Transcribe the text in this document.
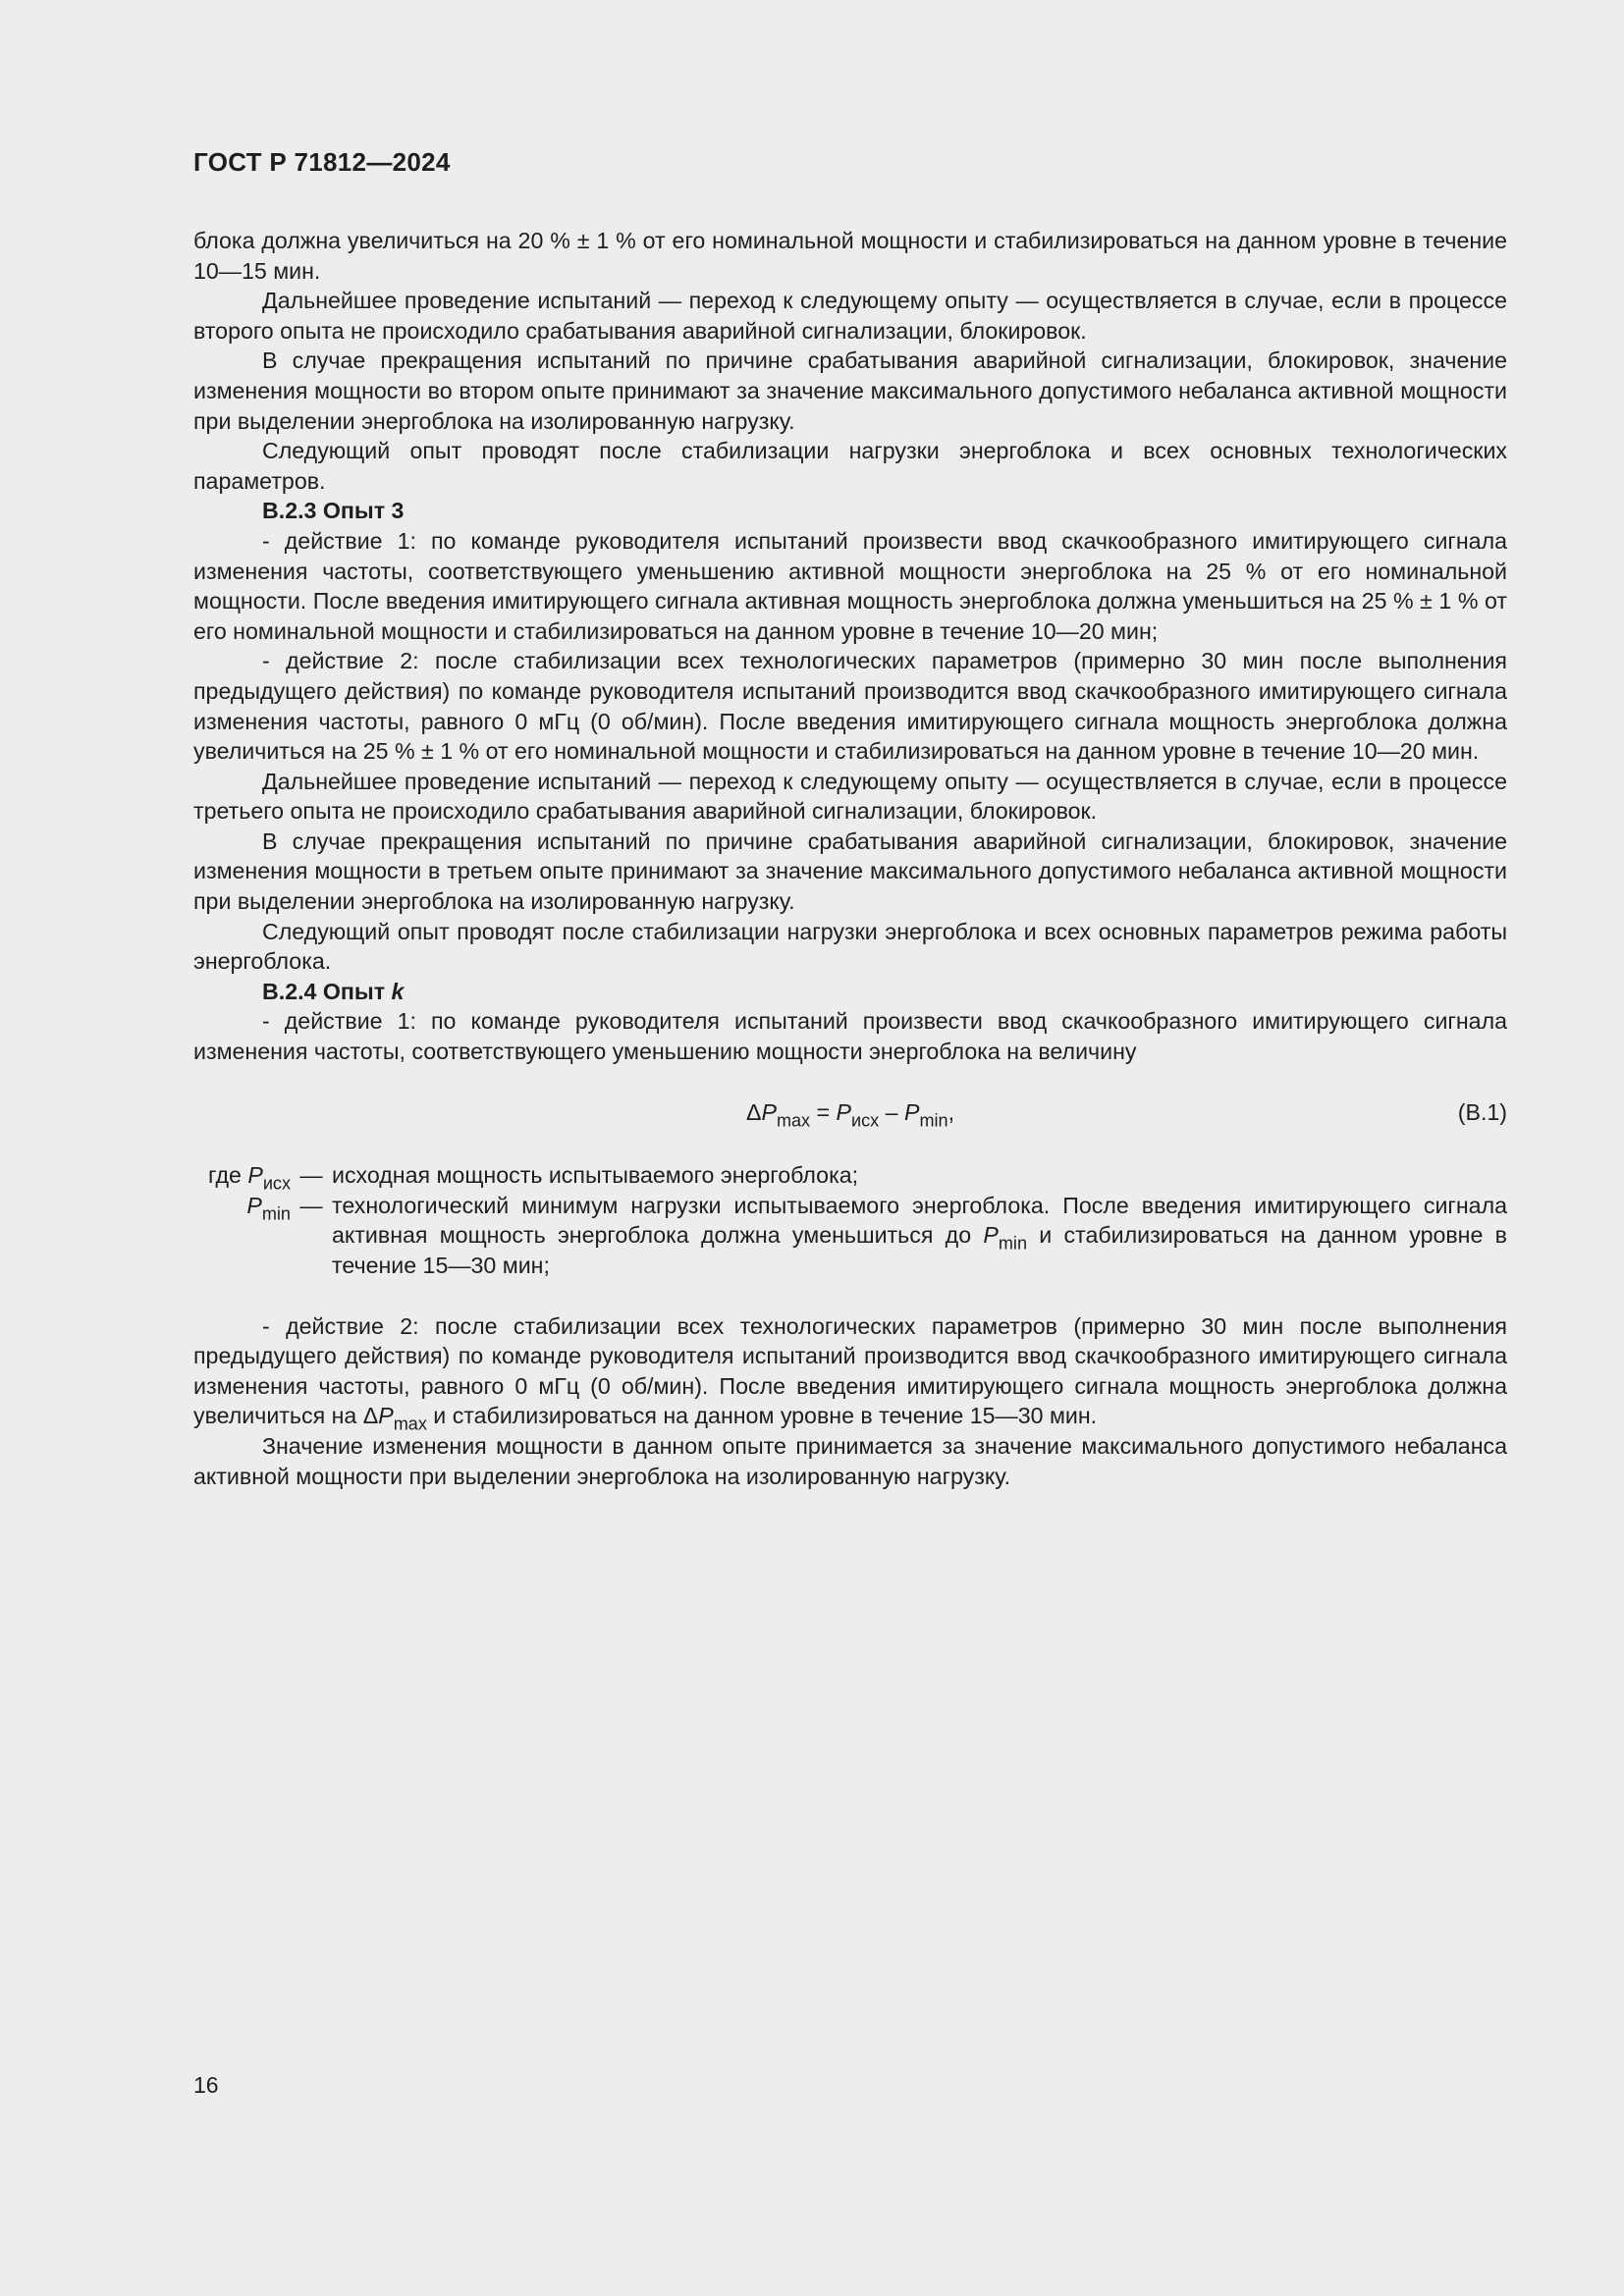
ГОСТ Р 71812—2024

блока должна увеличиться на 20 % ± 1 % от его номинальной мощности и стабилизироваться на данном уровне в течение 10—15 мин.

Дальнейшее проведение испытаний — переход к следующему опыту — осуществляется в случае, если в процессе второго опыта не происходило срабатывания аварийной сигнализации, блокировок.

В случае прекращения испытаний по причине срабатывания аварийной сигнализации, блокировок, значение изменения мощности во втором опыте принимают за значение максимального допустимого небаланса активной мощности при выделении энергоблока на изолированную нагрузку.

Следующий опыт проводят после стабилизации нагрузки энергоблока и всех основных технологических параметров.

В.2.3 Опыт 3

- действие 1: по команде руководителя испытаний произвести ввод скачкообразного имитирующего сигнала изменения частоты, соответствующего уменьшению активной мощности энергоблока на 25 % от его номинальной мощности. После введения имитирующего сигнала активная мощность энергоблока должна уменьшиться на 25 % ± 1 % от его номинальной мощности и стабилизироваться на данном уровне в течение 10—20 мин;

- действие 2: после стабилизации всех технологических параметров (примерно 30 мин после выполнения предыдущего действия) по команде руководителя испытаний производится ввод скачкообразного имитирующего сигнала изменения частоты, равного 0 мГц (0 об/мин). После введения имитирующего сигнала мощность энергоблока должна увеличиться на 25 % ± 1 % от его номинальной мощности и стабилизироваться на данном уровне в течение 10—20 мин.

Дальнейшее проведение испытаний — переход к следующему опыту — осуществляется в случае, если в процессе третьего опыта не происходило срабатывания аварийной сигнализации, блокировок.

В случае прекращения испытаний по причине срабатывания аварийной сигнализации, блокировок, значение изменения мощности в третьем опыте принимают за значение максимального допустимого небаланса активной мощности при выделении энергоблока на изолированную нагрузку.

Следующий опыт проводят после стабилизации нагрузки энергоблока и всех основных параметров режима работы энергоблока.

В.2.4 Опыт k

- действие 1: по команде руководителя испытаний произвести ввод скачкообразного имитирующего сигнала изменения частоты, соответствующего уменьшению мощности энергоблока на величину

$\Delta P_{max} = P_{исх} - P_{min}$,	(В.1)
где $P_{исх}$ — исходная мощность испытываемого энергоблока;
$P_{min}$ — технологический минимум нагрузки испытываемого энергоблока. После введения имитирующего сигнала активная мощность энергоблока должна уменьшиться до $P_{min}$ и стабилизироваться на данном уровне в течение 15—30 мин;

- действие 2: после стабилизации всех технологических параметров (примерно 30 мин после выполнения предыдущего действия) по команде руководителя испытаний производится ввод скачкообразного имитирующего сигнала изменения частоты, равного 0 мГц (0 об/мин). После введения имитирующего сигнала мощность энергоблока должна увеличиться на $\Delta P_{max}$ и стабилизироваться на данном уровне в течение 15—30 мин.

Значение изменения мощности в данном опыте принимается за значение максимального допустимого небаланса активной мощности при выделении энергоблока на изолированную нагрузку.

16
